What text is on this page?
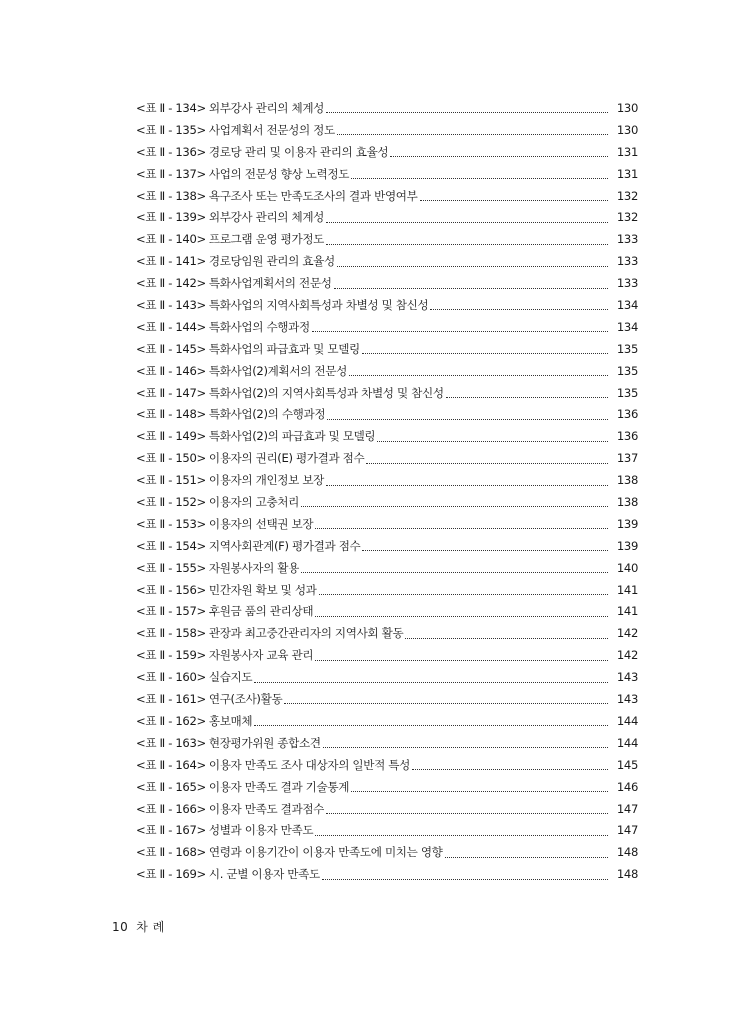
<표 Ⅱ - 134> 외부강사 관리의 체계성	130
<표 Ⅱ - 135> 사업계획서 전문성의 정도	130
<표 Ⅱ - 136> 경로당 관리 및 이용자 관리의 효율성	131
<표 Ⅱ - 137> 사업의 전문성 향상 노력정도	131
<표 Ⅱ - 138> 욕구조사 또는 만족도조사의 결과 반영여부	132
<표 Ⅱ - 139> 외부강사 관리의 체계성	132
<표 Ⅱ - 140> 프로그램 운영 평가정도	133
<표 Ⅱ - 141> 경로당임원 관리의 효율성	133
<표 Ⅱ - 142> 특화사업계획서의 전문성	133
<표 Ⅱ - 143> 특화사업의 지역사회특성과 차별성 및 참신성	134
<표 Ⅱ - 144> 특화사업의 수행과정	134
<표 Ⅱ - 145> 특화사업의 파급효과 및 모델링	135
<표 Ⅱ - 146> 특화사업(2)계획서의 전문성	135
<표 Ⅱ - 147> 특화사업(2)의 지역사회특성과 차별성 및 참신성	135
<표 Ⅱ - 148> 특화사업(2)의 수행과정	136
<표 Ⅱ - 149> 특화사업(2)의 파급효과 및 모델링	136
<표 Ⅱ - 150> 이용자의 권리(E) 평가결과 점수	137
<표 Ⅱ - 151> 이용자의 개인정보 보장	138
<표 Ⅱ - 152> 이용자의 고충처리	138
<표 Ⅱ - 153> 이용자의 선택권 보장	139
<표 Ⅱ - 154> 지역사회관계(F) 평가결과 점수	139
<표 Ⅱ - 155> 자원봉사자의 활용	140
<표 Ⅱ - 156> 민간자원 확보 및 성과	141
<표 Ⅱ - 157> 후원금 품의 관리상태	141
<표 Ⅱ - 158> 관장과 최고중간관리자의 지역사회 활동	142
<표 Ⅱ - 159> 자원봉사자 교육 관리	142
<표 Ⅱ - 160> 실습지도	143
<표 Ⅱ - 161> 연구(조사)활동	143
<표 Ⅱ - 162> 홍보매체	144
<표 Ⅱ - 163> 현장평가위원 종합소견	144
<표 Ⅱ - 164> 이용자 만족도 조사 대상자의 일반적 특성	145
<표 Ⅱ - 165> 이용자 만족도 결과 기술통계	146
<표 Ⅱ - 166> 이용자 만족도 결과점수	147
<표 Ⅱ - 167> 성별과 이용자 만족도	147
<표 Ⅱ - 168> 연령과 이용기간이 이용자 만족도에 미치는 영향	148
<표 Ⅱ - 169> 시. 군별 이용자 만족도	148
10 차 례
